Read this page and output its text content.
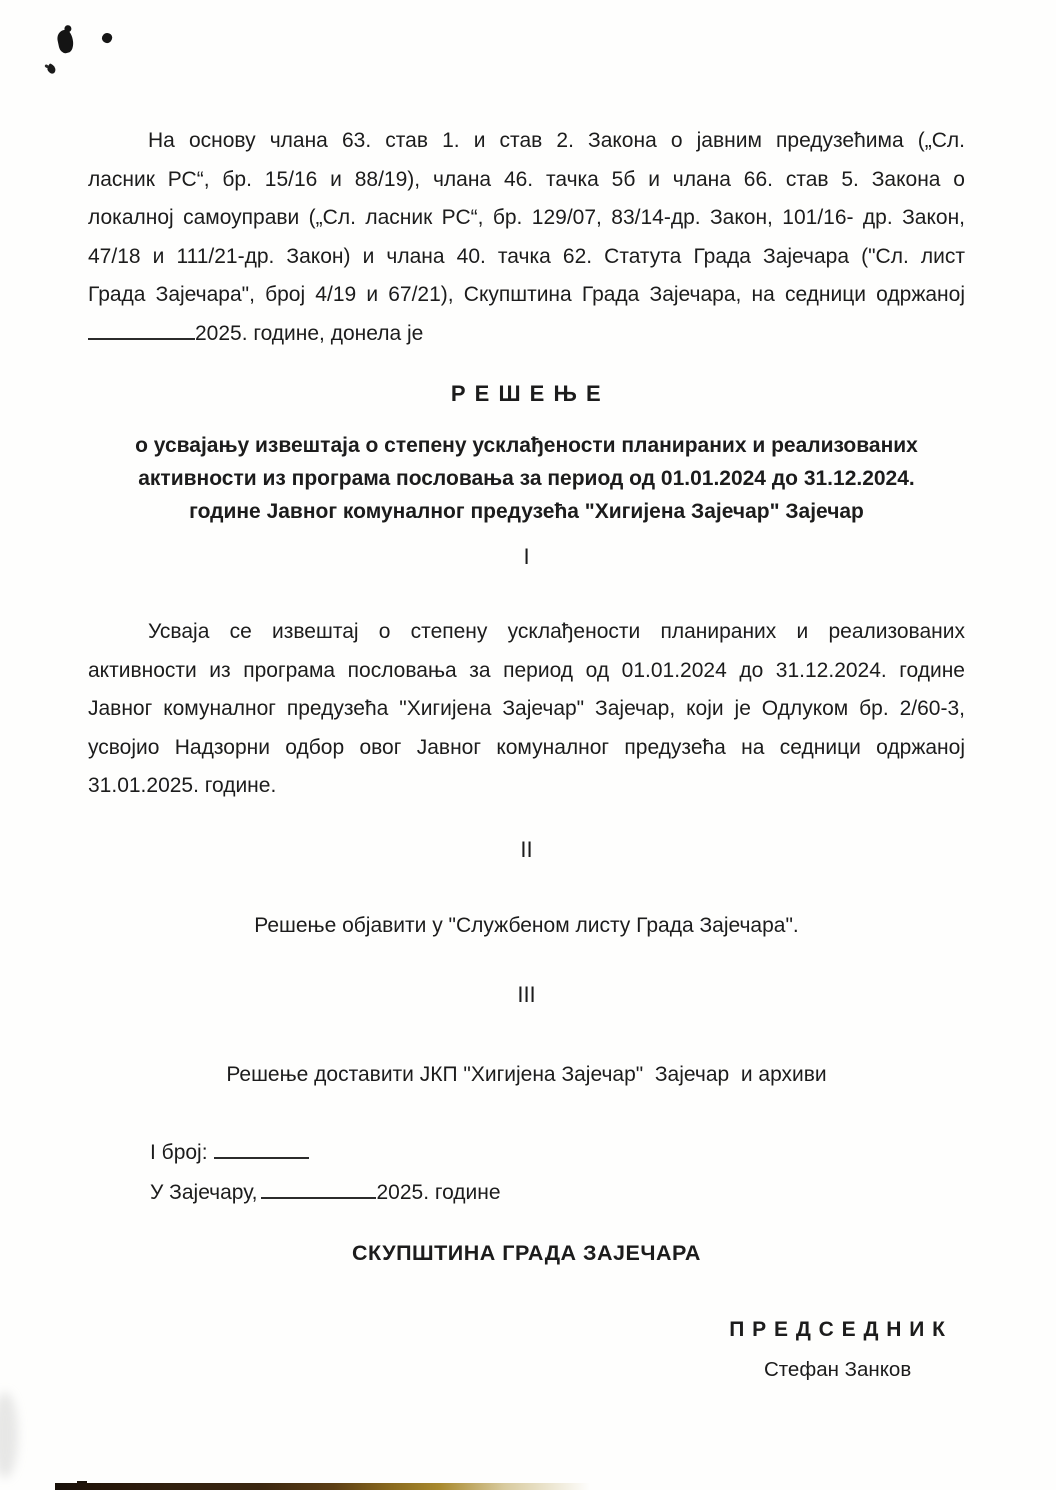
На основу члана 63. став 1. и став 2. Закона о јавним предузећима („Сл.
ласник РС“, бр. 15/16 и 88/19), члана 46. тачка 5б и члана 66. став 5. Закона о
локалној самоуправи („Сл. ласник РС“, бр. 129/07, 83/14-др. Закон, 101/16- др. Закон,
47/18 и 111/21-др. Закон) и члана 40. тачка 62. Статута Града Зајечара ("Сл. лист
Града Зајечара", број 4/19 и 67/21), Скупштина Града Зајечара, на седници одржаној
2025. године, донела је
Р Е Ш Е Њ Е
о усвајању извештаја о степену усклађености планираних и реализованих
активности из програма пословања за период од 01.01.2024 до 31.12.2024.
године Јавног комуналног предузећа "Хигијена Зајечар" Зајечар
I
Усваја се извештај о степену усклађености планираних и реализованих
активности из програма пословања за период од 01.01.2024 до 31.12.2024. године
Јавног комуналног предузећа "Хигијена Зајечар" Зајечар, који је Одлуком бр. 2/60-3,
усвојио Надзорни одбор овог Јавног комуналног предузећа на седници одржаној
31.01.2025. године.
II
Решење објавити у "Службеном листу Града Зајечара".
III
Решење доставити ЈКП "Хигијена Зајечар"  Зајечар  и архиви
I број:
У Зајечару,	2025. године
СКУПШТИНА ГРАДА ЗАЈЕЧАРА
П Р Е Д С Е Д Н И К
Стефан Занков
